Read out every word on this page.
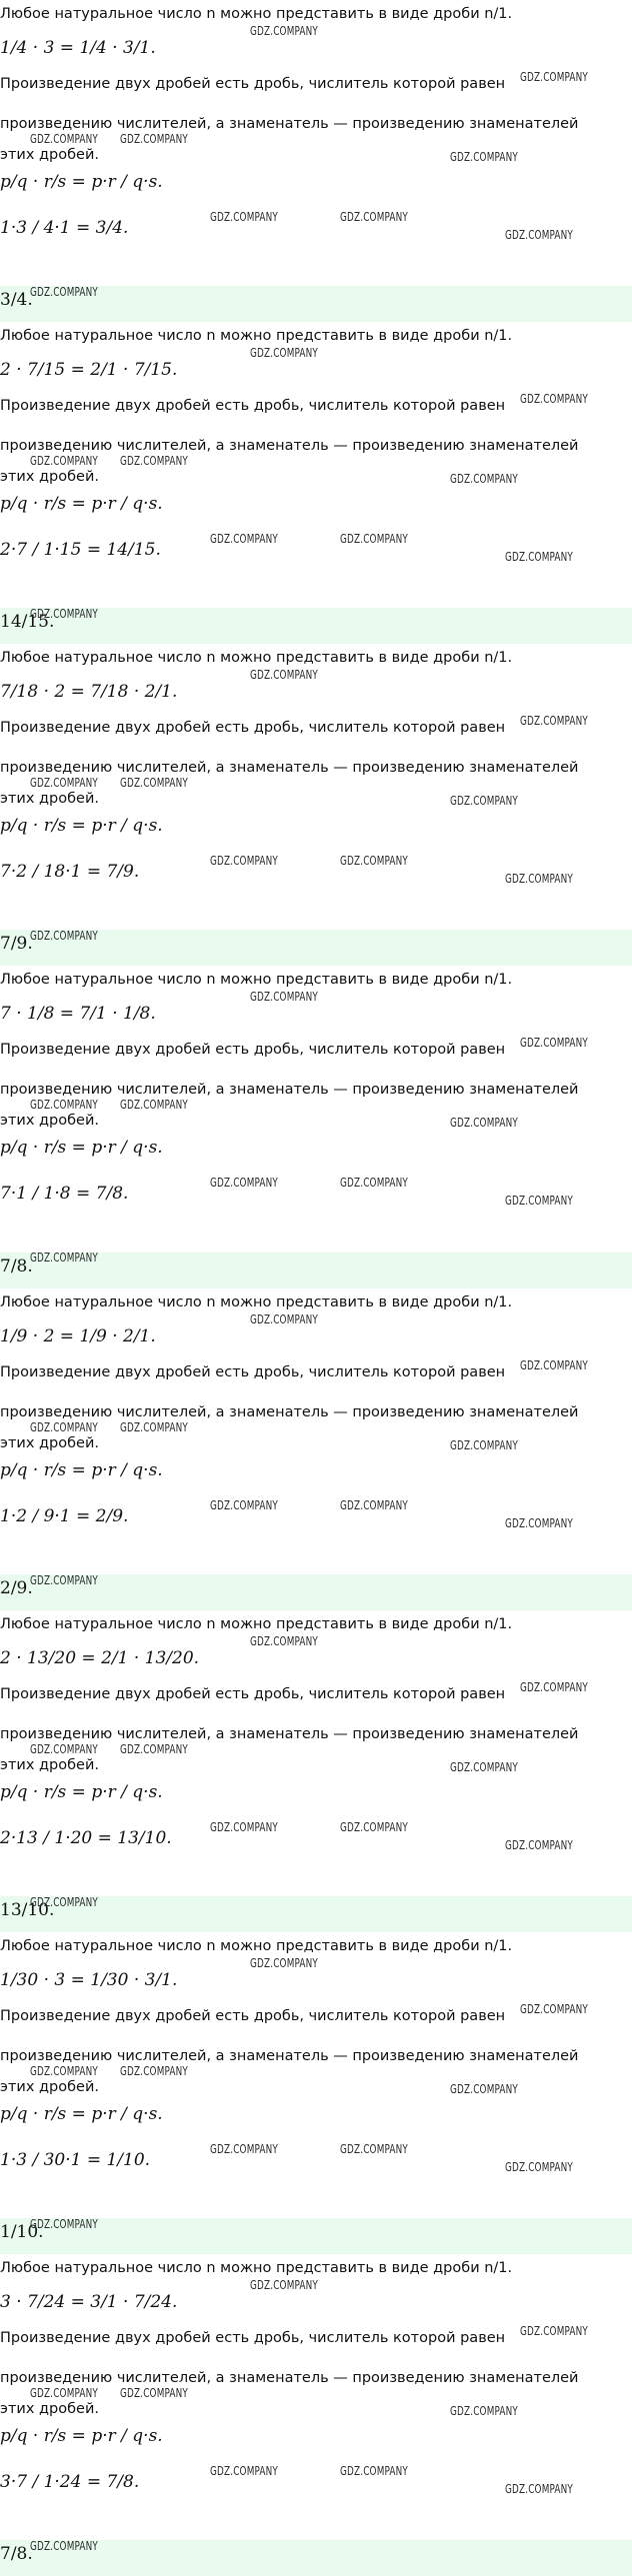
Любое натуральное число n можно представить в виде дроби n/1.
1/4 · 3 = 1/4 · 3/1.
Произведение двух дробей есть дробь, числитель которой равен
произведению числителей, а знаменатель — произведению знаменателей
этих дробей.
p/q · r/s = p·r / q·s.
1·3 / 4·1 = 3/4.
3/4.
GDZ.COMPANY
GDZ.COMPANY
GDZ.COMPANY GDZ.COMPANY
GDZ.COMPANY
GDZ.COMPANY
GDZ.COMPANY	GDZ.COMPANY
GDZ.COMPANY
Любое натуральное число n можно представить в виде дроби n/1.
2 · 7/15 = 2/1 · 7/15.
Произведение двух дробей есть дробь, числитель которой равен
произведению числителей, а знаменатель — произведению знаменателей
этих дробей.
p/q · r/s = p·r / q·s.
2·7 / 1·15 = 14/15.
14/15.
GDZ.COMPANY
GDZ.COMPANY
GDZ.COMPANY GDZ.COMPANY
GDZ.COMPANY
GDZ.COMPANY
GDZ.COMPANY	GDZ.COMPANY
GDZ.COMPANY
Любое натуральное число n можно представить в виде дроби n/1.
7/18 · 2 = 7/18 · 2/1.
Произведение двух дробей есть дробь, числитель которой равен
произведению числителей, а знаменатель — произведению знаменателей
этих дробей.
p/q · r/s = p·r / q·s.
7·2 / 18·1 = 7/9.
7/9.
GDZ.COMPANY
GDZ.COMPANY
GDZ.COMPANY GDZ.COMPANY
GDZ.COMPANY
GDZ.COMPANY
GDZ.COMPANY	GDZ.COMPANY
GDZ.COMPANY
Любое натуральное число n можно представить в виде дроби n/1.
7 · 1/8 = 7/1 · 1/8.
Произведение двух дробей есть дробь, числитель которой равен
произведению числителей, а знаменатель — произведению знаменателей
этих дробей.
p/q · r/s = p·r / q·s.
7·1 / 1·8 = 7/8.
7/8.
GDZ.COMPANY
GDZ.COMPANY
GDZ.COMPANY GDZ.COMPANY
GDZ.COMPANY
GDZ.COMPANY
GDZ.COMPANY	GDZ.COMPANY
GDZ.COMPANY
Любое натуральное число n можно представить в виде дроби n/1.
1/9 · 2 = 1/9 · 2/1.
Произведение двух дробей есть дробь, числитель которой равен
произведению числителей, а знаменатель — произведению знаменателей
этих дробей.
p/q · r/s = p·r / q·s.
1·2 / 9·1 = 2/9.
2/9.
GDZ.COMPANY
GDZ.COMPANY
GDZ.COMPANY GDZ.COMPANY
GDZ.COMPANY
GDZ.COMPANY
GDZ.COMPANY	GDZ.COMPANY
GDZ.COMPANY
Любое натуральное число n можно представить в виде дроби n/1.
2 · 13/20 = 2/1 · 13/20.
Произведение двух дробей есть дробь, числитель которой равен
произведению числителей, а знаменатель — произведению знаменателей
этих дробей.
p/q · r/s = p·r / q·s.
2·13 / 1·20 = 13/10.
13/10.
GDZ.COMPANY
GDZ.COMPANY
GDZ.COMPANY GDZ.COMPANY
GDZ.COMPANY
GDZ.COMPANY
GDZ.COMPANY	GDZ.COMPANY
GDZ.COMPANY
Любое натуральное число n можно представить в виде дроби n/1.
1/30 · 3 = 1/30 · 3/1.
Произведение двух дробей есть дробь, числитель которой равен
произведению числителей, а знаменатель — произведению знаменателей
этих дробей.
p/q · r/s = p·r / q·s.
1·3 / 30·1 = 1/10.
1/10.
GDZ.COMPANY
GDZ.COMPANY
GDZ.COMPANY GDZ.COMPANY
GDZ.COMPANY
GDZ.COMPANY
GDZ.COMPANY	GDZ.COMPANY
GDZ.COMPANY
Любое натуральное число n можно представить в виде дроби n/1.
3 · 7/24 = 3/1 · 7/24.
Произведение двух дробей есть дробь, числитель которой равен
произведению числителей, а знаменатель — произведению знаменателей
этих дробей.
p/q · r/s = p·r / q·s.
3·7 / 1·24 = 7/8.
7/8.
GDZ.COMPANY
GDZ.COMPANY
GDZ.COMPANY GDZ.COMPANY
GDZ.COMPANY
GDZ.COMPANY
GDZ.COMPANY	GDZ.COMPANY
GDZ.COMPANY
